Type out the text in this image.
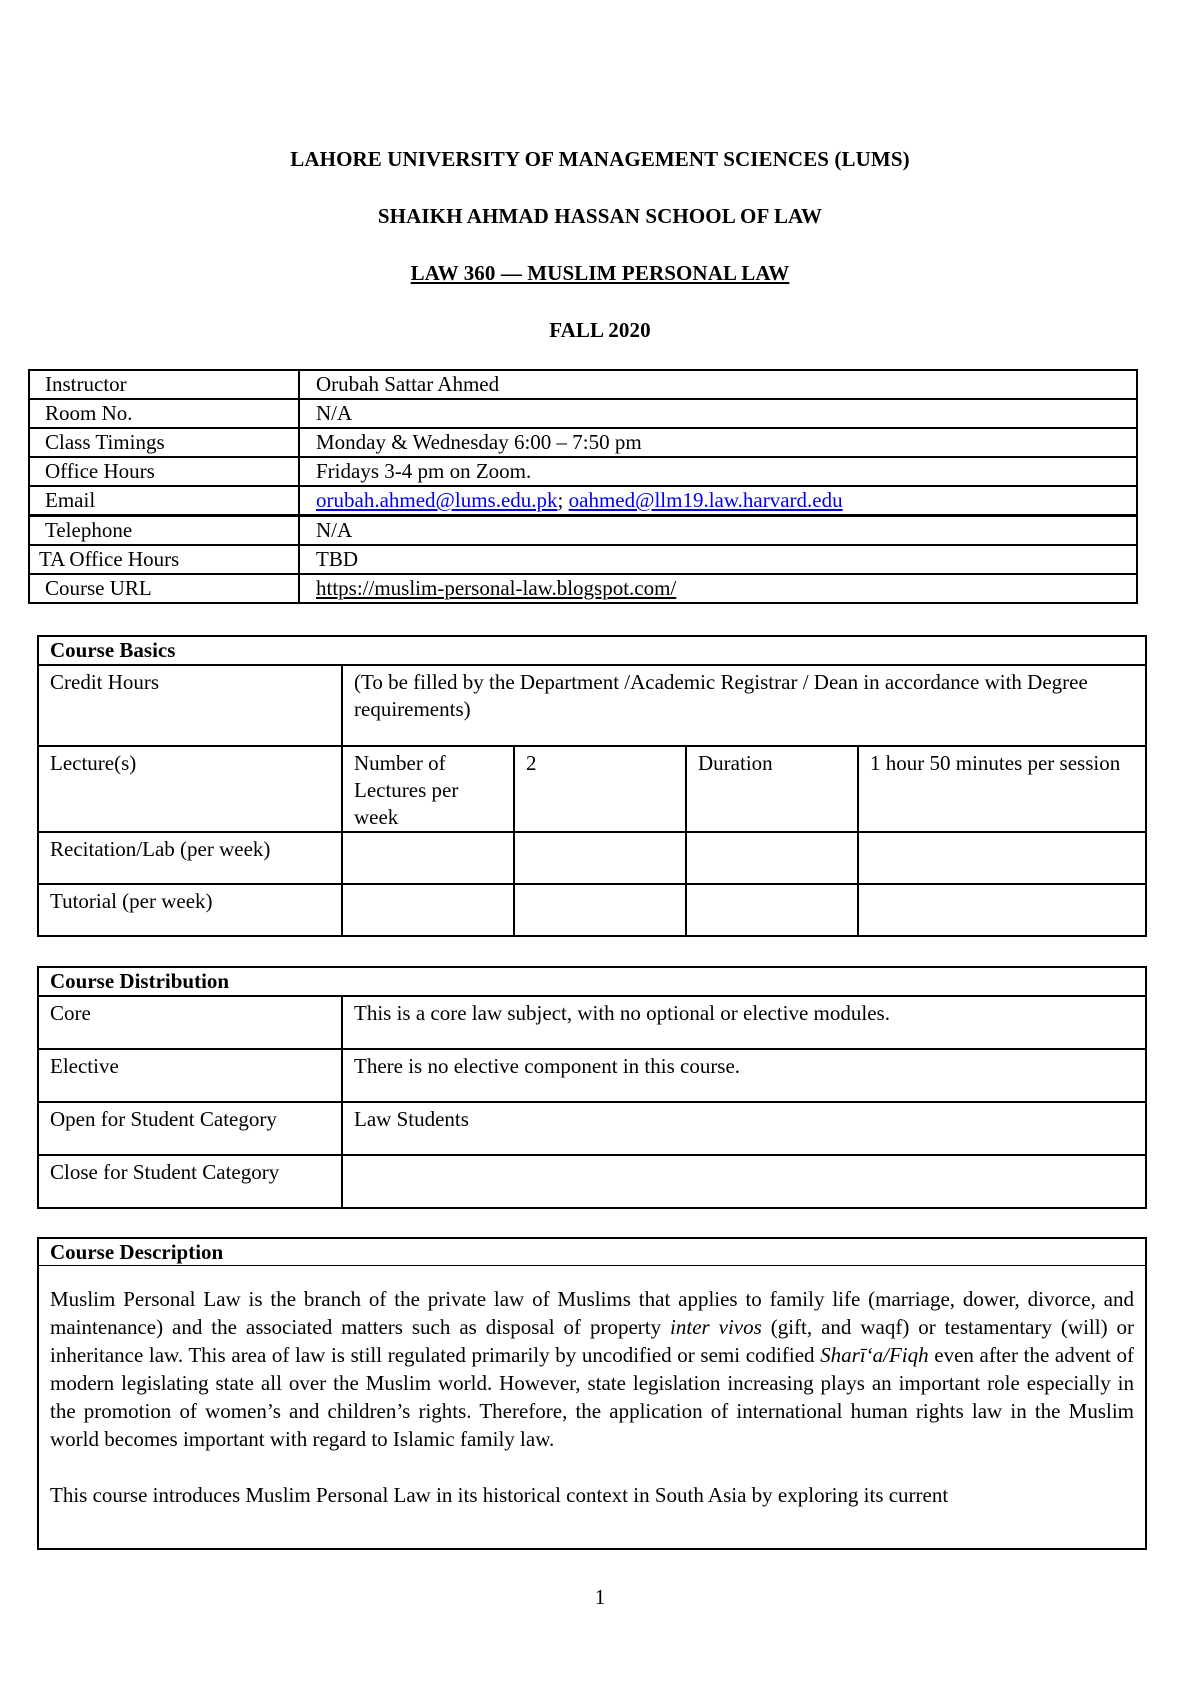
LAHORE UNIVERSITY OF MANAGEMENT SCIENCES (LUMS)
SHAIKH AHMAD HASSAN SCHOOL OF LAW
LAW 360 — MUSLIM PERSONAL LAW
FALL 2020
Instructor	Orubah Sattar Ahmed
Room No.	N/A
Class Timings	Monday & Wednesday 6:00 – 7:50 pm
Office Hours	Fridays 3-4 pm on Zoom.
Email	orubah.ahmed@lums.edu.pk; oahmed@llm19.law.harvard.edu
Telephone	N/A
TA Office Hours	TBD
Course URL	https://muslim-personal-law.blogspot.com/
Course Basics				
Credit Hours	(To be filled by the Department /Academic Registrar / Dean in accordance with Degree requirements)			
Lecture(s)	Number of Lectures per week	2	Duration	1 hour 50 minutes per session
Recitation/Lab (per week)				
Tutorial (per week)				
Course Distribution	
Core	This is a core law subject, with no optional or elective modules.
Elective	There is no elective component in this course.
Open for Student Category	Law Students
Close for Student Category	
Course Description

Muslim Personal Law is the branch of the private law of Muslims that applies to family life (marriage, dower, divorce, and maintenance) and the associated matters such as disposal of property inter vivos (gift, and waqf) or testamentary (will) or inheritance law. This area of law is still regulated primarily by uncodified or semi codified Sharī‘a/Fiqh even after the advent of modern legislating state all over the Muslim world. However, state legislation increasing plays an important role especially in the promotion of women’s and children’s rights. Therefore, the application of international human rights law in the Muslim world becomes important with regard to Islamic family law.

This course introduces Muslim Personal Law in its historical context in South Asia by exploring its current

1
